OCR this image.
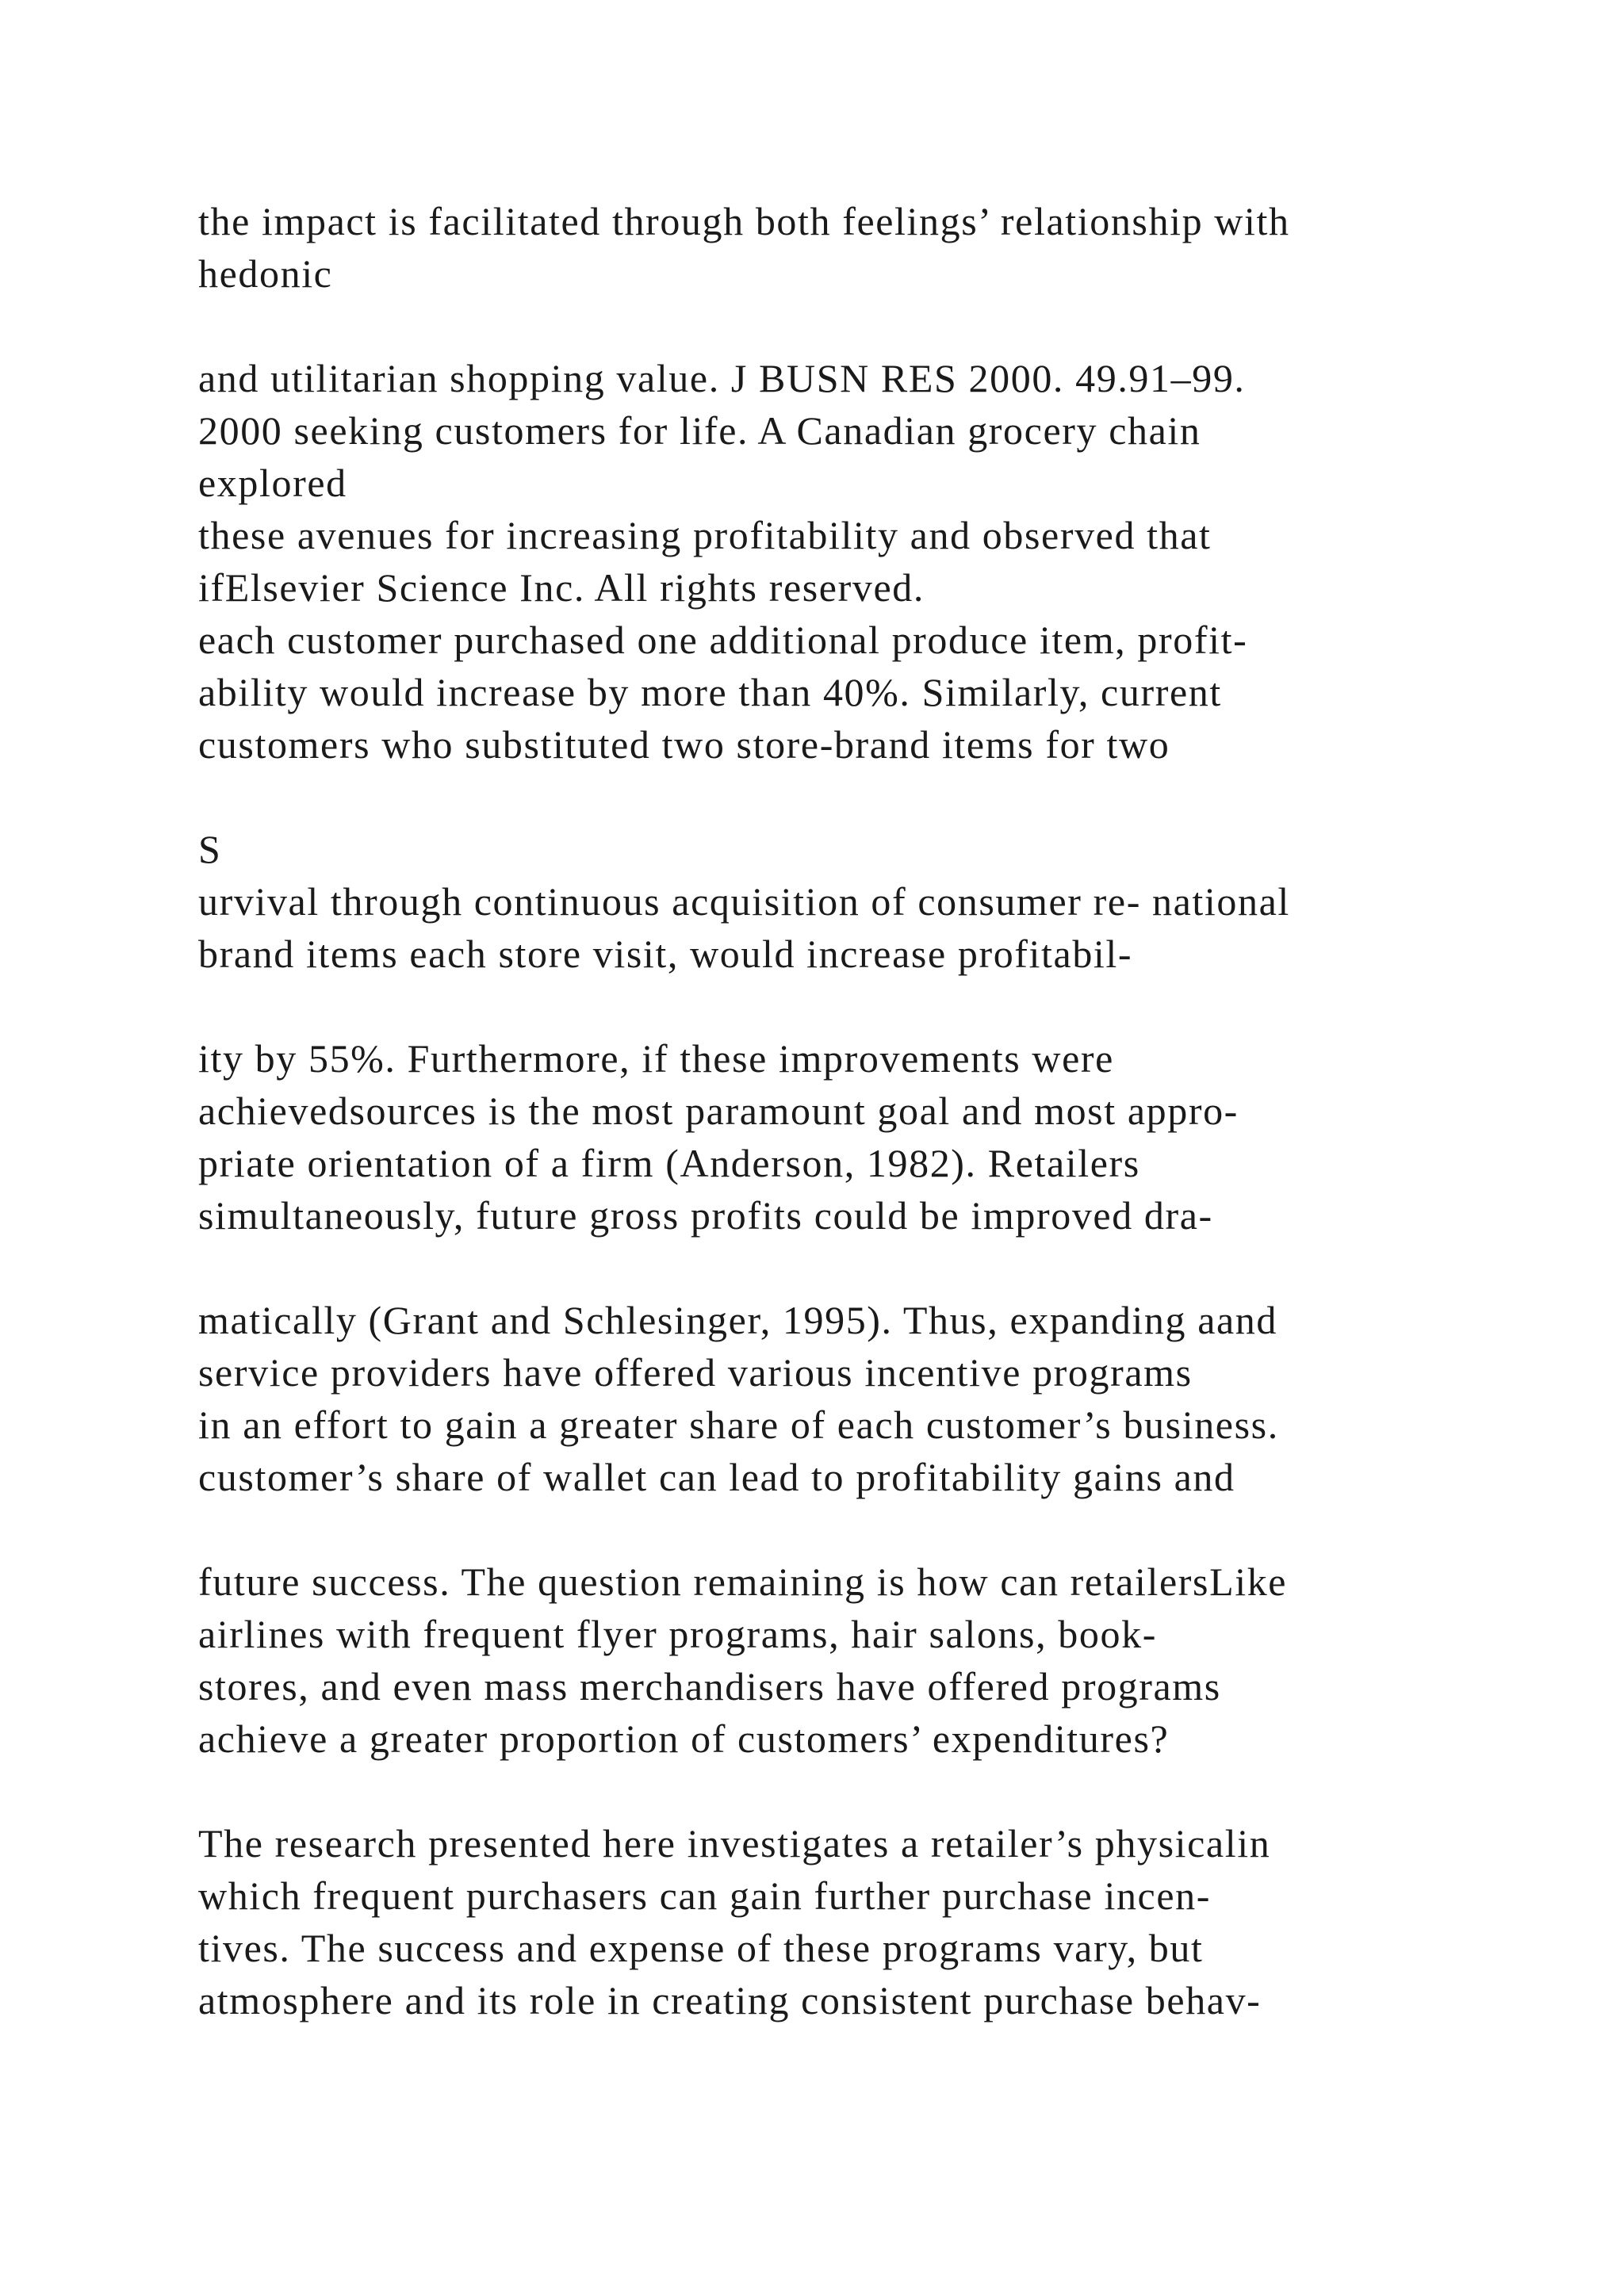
the impact is facilitated through both feelings’ relationship with
hedonic
and utilitarian shopping value. J BUSN RES 2000. 49.91–99.
2000 seeking customers for life. A Canadian grocery chain
explored
these avenues for increasing profitability and observed that
ifElsevier Science Inc. All rights reserved.
each customer purchased one additional produce item, profit-
ability would increase by more than 40%. Similarly, current
customers who substituted two store-brand items for two
S
urvival through continuous acquisition of consumer re- national
brand items each store visit, would increase profitabil-
ity by 55%. Furthermore, if these improvements were
achievedsources is the most paramount goal and most appro-
priate orientation of a firm (Anderson, 1982). Retailers
simultaneously, future gross profits could be improved dra-
matically (Grant and Schlesinger, 1995). Thus, expanding aand
service providers have offered various incentive programs
in an effort to gain a greater share of each customer’s business.
customer’s share of wallet can lead to profitability gains and
future success. The question remaining is how can retailersLike
airlines with frequent flyer programs, hair salons, book-
stores, and even mass merchandisers have offered programs
achieve a greater proportion of customers’ expenditures?
The research presented here investigates a retailer’s physicalin
which frequent purchasers can gain further purchase incen-
tives. The success and expense of these programs vary, but
atmosphere and its role in creating consistent purchase behav-
